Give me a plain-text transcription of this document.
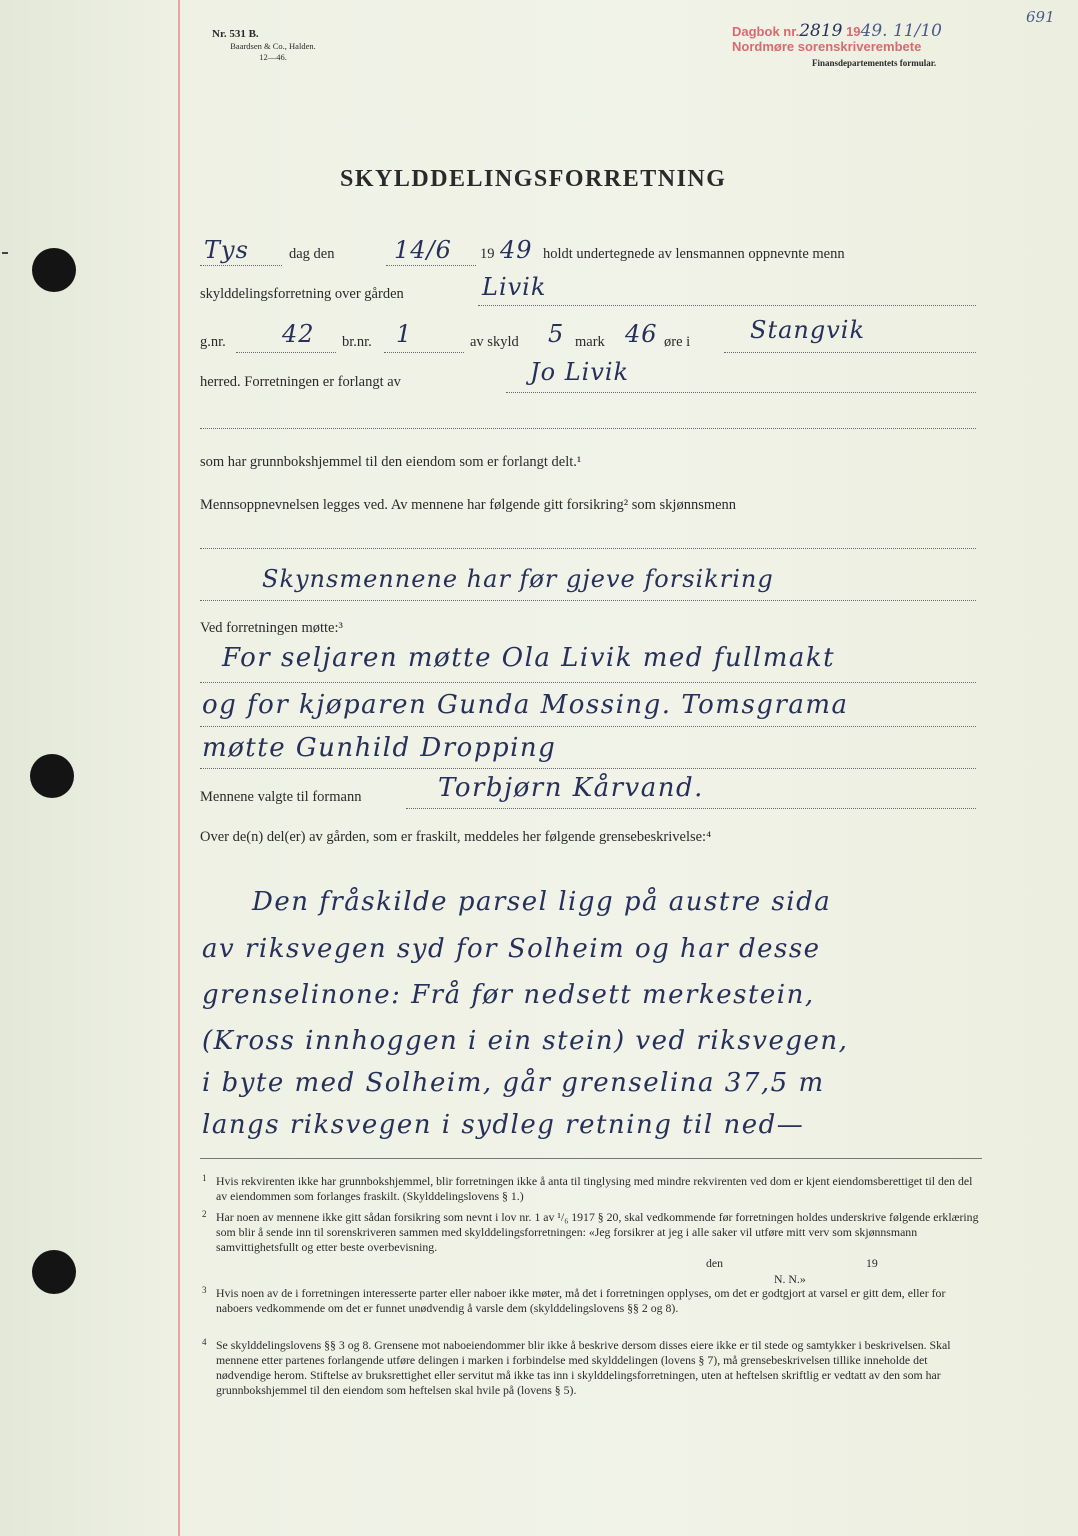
Nr. 531 B.
Baardsen & Co., Halden.
12—46.
Dagbok nr.2819 1949. 11/10
Nordmøre sorenskriverembete
691
Finansdepartementets formular.
SKYLDDELINGSFORRETNING
Tys	dag den 14/6 19 49 holdt undertegnede av lensmannen oppnevnte menn
skylddelingsforretning over gården	Livik
g.nr. 42 br.nr. 1	av skyld 5 mark 46 øre i Stangvik
herred. Forretningen er forlangt av	Jo Livik
som har grunnbokshjemmel til den eiendom som er forlangt delt.¹
Mennsoppnevnelsen legges ved. Av mennene har følgende gitt forsikring² som skjønnsmenn
Skynsmennene har før gjeve forsikring
Ved forretningen møtte:³
For seljaren møtte Ola Livik med fullmakt
og for kjøparen Gunda Mossing. Tomsgrama
møtte Gunhild Dropping
Mennene valgte til formann	Torbjørn Kårvand.
Over de(n) del(er) av gården, som er fraskilt, meddeles her følgende grensebeskrivelse:⁴
Den fråskilde parsel ligg på austre sida
av riksvegen syd for Solheim og har desse
grenselinone: Frå før nedsett merkestein,
(Kross innhoggen i ein stein) ved riksvegen,
i byte med Solheim, går grenselina 37,5 m
langs riksvegen i sydleg retning til ned—
1 Hvis rekvirenten ikke har grunnbokshjemmel, blir forretningen ikke å anta til tinglysing med mindre rekvirenten ved dom er kjent eiendomsberettiget til den del av eiendommen som forlanges fraskilt. (Skylddelingslovens § 1.)
2 Har noen av mennene ikke gitt sådan forsikring som nevnt i lov nr. 1 av ¹/₆ 1917 § 20, skal vedkommende før forretningen holdes underskrive følgende erklæring som blir å sende inn til sorenskriveren sammen med skylddelingsforretningen: «Jeg forsikrer at jeg i alle saker vil utføre mitt verv som skjønnsmann samvittighetsfullt og etter beste overbevisning.
den	19
N. N.»
3 Hvis noen av de i forretningen interesserte parter eller naboer ikke møter, må det i forretningen opplyses, om det er godtgjort at varsel er gitt dem, eller for naboers vedkommende om det er funnet unødvendig å varsle dem (skylddelingslovens §§ 2 og 8).
4 Se skylddelingslovens §§ 3 og 8. Grensene mot naboeiendommer blir ikke å beskrive dersom disses eiere ikke er til stede og samtykker i beskrivelsen. Skal mennene etter partenes forlangende utføre delingen i marken i forbindelse med skylddelingen (lovens § 7), må grensebeskrivelsen tillike inneholde det nødvendige herom. Stiftelse av bruksrettighet eller servitut må ikke tas inn i skylddelingsforretningen, uten at heftelsen skriftlig er vedtatt av den som har grunnbokshjemmel til den eiendom som heftelsen skal hvile på (lovens § 5).
